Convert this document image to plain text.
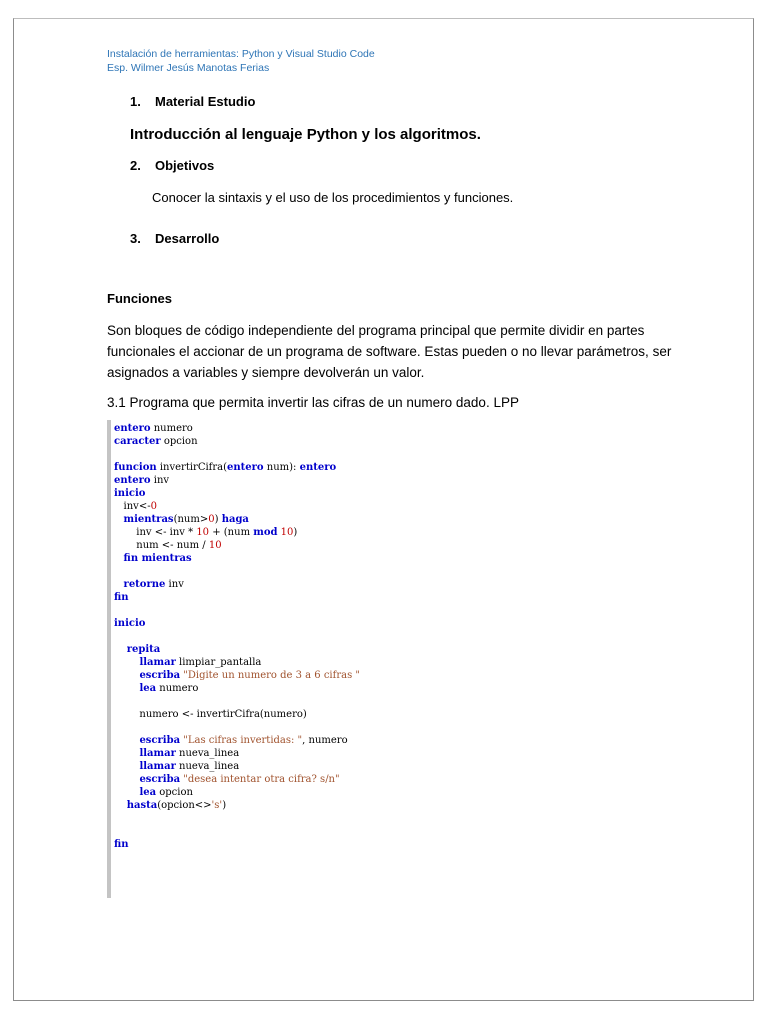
Instalación de herramientas: Python y Visual Studio Code
Esp. Wilmer Jesús Manotas Ferias
1. Material Estudio
Introducción al lenguaje Python y los algoritmos.
2. Objetivos
Conocer la sintaxis y el uso de los procedimientos y funciones.
3. Desarrollo
Funciones
Son bloques de código independiente del programa principal que permite dividir en partes funcionales el accionar de un programa de software. Estas pueden o no llevar parámetros, ser asignados a variables y siempre devolverán un valor.
3.1 Programa que permita invertir las cifras de un numero dado. LPP
entero numero
caracter opcion

funcion invertirCifra(entero num): entero
entero inv
inicio
inv<-0
mientras(num>0) haga
inv <- inv * 10 + (num mod 10)
num <- num / 10
fin mientras

retorne inv
fin

inicio

repita
llamar limpiar_pantalla
escriba "Digite un numero de 3 a 6 cifras "
lea numero

numero <- invertirCifra(numero)

escriba "Las cifras invertidas: ", numero
llamar nueva_linea
llamar nueva_linea
escriba "desea intentar otra cifra? s/n"
lea opcion
hasta(opcion<>'s')

fin
